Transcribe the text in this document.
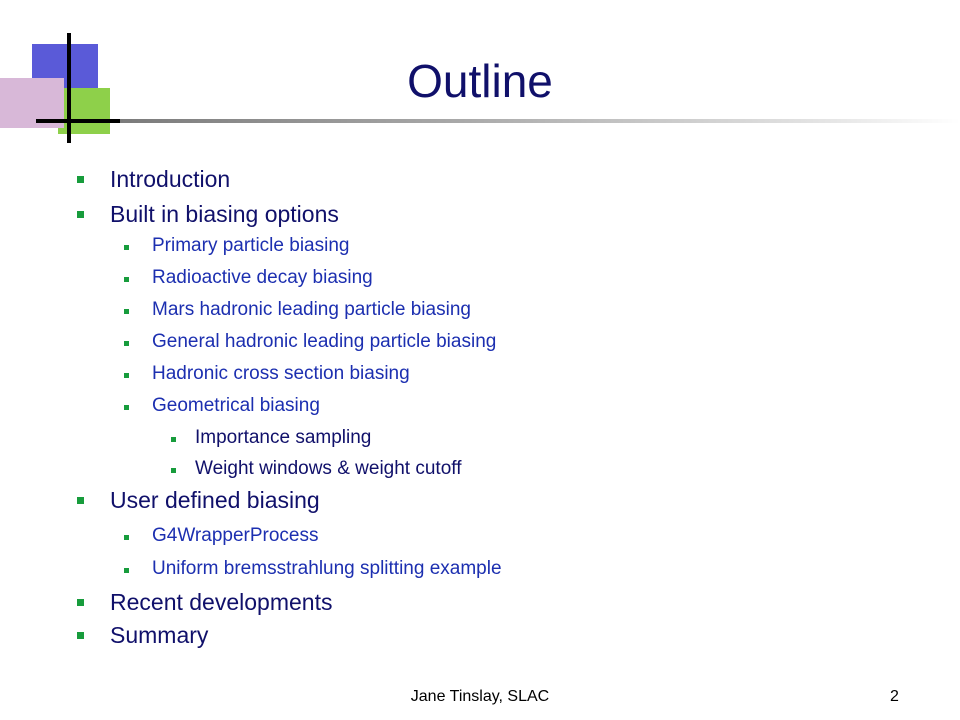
Outline
Introduction
Built in biasing options
Primary particle biasing
Radioactive decay biasing
Mars hadronic leading particle biasing
General hadronic leading particle biasing
Hadronic cross section biasing
Geometrical biasing
Importance sampling
Weight windows & weight cutoff
User defined biasing
G4WrapperProcess
Uniform bremsstrahlung splitting example
Recent developments
Summary
Jane Tinslay, SLAC	2
